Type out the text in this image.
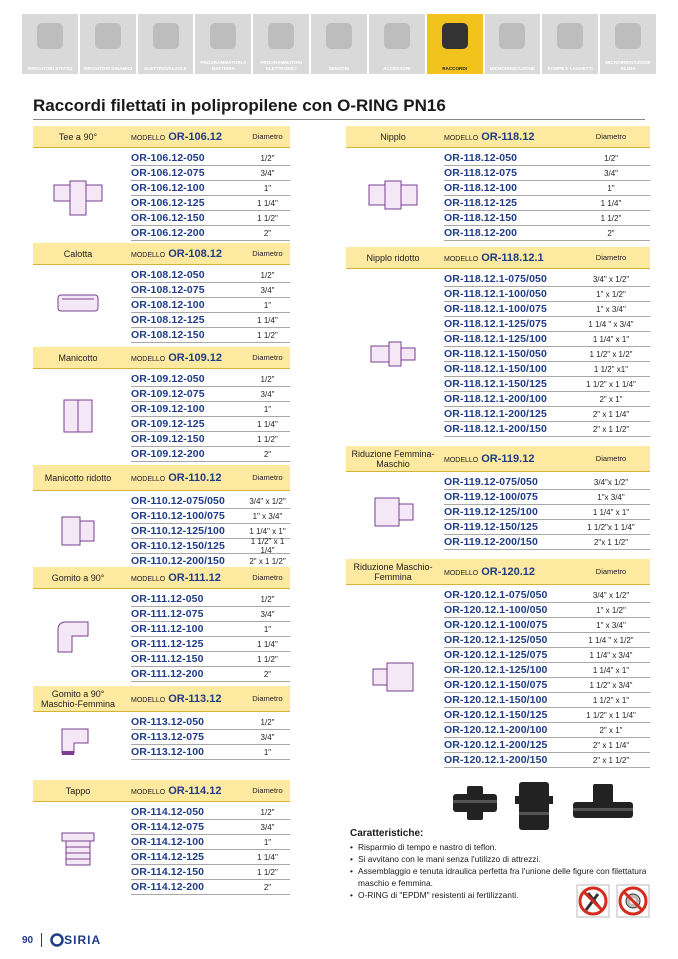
IRRIGATORI STATICI	IRRIGATORI DINAMICI	ELETTROVALVOLE
PROGRAMMATORI A BATTERIA
PROGRAMMATORI ELETTRONICI	SENSORI	ACCESSORI	RACCORDI	MICROIRRIGAZIONE	POMPE E LAGHETTI
MICROIRRIGAZIONE KLIZIA
Raccordi filettati in polipropilene con O-RING PN16
Tee a 90°	MODELLO OR-106.12	Diametro
OR-106.12-050	1/2"
OR-106.12-075	3/4"
OR-106.12-100	1"
OR-106.12-125	1 1/4"
OR-106.12-150	1 1/2"
OR-106.12-200	2"
Calotta	MODELLO OR-108.12	Diametro
OR-108.12-050	1/2"
OR-108.12-075	3/4"
OR-108.12-100	1"
OR-108.12-125	1 1/4"
OR-108.12-150	1 1/2"
Manicotto	MODELLO OR-109.12	Diametro
OR-109.12-050	1/2"
OR-109.12-075	3/4"
OR-109.12-100	1"
OR-109.12-125	1 1/4"
OR-109.12-150	1 1/2"
OR-109.12-200	2"
Manicotto ridotto	MODELLO OR-110.12	Diametro
OR-110.12-075/050	3/4" x 1/2"
OR-110.12-100/075	1" x 3/4"
OR-110.12-125/100	1 1/4" x 1"
OR-110.12-150/125	1 1/2" x 1 1/4"
OR-110.12-200/150	2" x 1 1/2"
Gomito a 90°	MODELLO OR-111.12	Diametro
OR-111.12-050	1/2"
OR-111.12-075	3/4"
OR-111.12-100	1"
OR-111.12-125	1 1/4"
OR-111.12-150	1 1/2"
OR-111.12-200	2"
Gomito a 90° Maschio-Femmina	MODELLO OR-113.12	Diametro
OR-113.12-050	1/2"
OR-113.12-075	3/4"
OR-113.12-100	1"
Tappo	MODELLO OR-114.12	Diametro
OR-114.12-050	1/2"
OR-114.12-075	3/4"
OR-114.12-100	1"
OR-114.12-125	1 1/4"
OR-114.12-150	1 1/2"
OR-114.12-200	2"
Nipplo	MODELLO OR-118.12	Diametro
OR-118.12-050	1/2"
OR-118.12-075	3/4"
OR-118.12-100	1"
OR-118.12-125	1 1/4"
OR-118.12-150	1 1/2"
OR-118.12-200	2"
Nipplo ridotto	MODELLO OR-118.12.1	Diametro
OR-118.12.1-075/050	3/4" x 1/2"
OR-118.12.1-100/050	1" x 1/2"
OR-118.12.1-100/075	1" x 3/4"
OR-118.12.1-125/075	1 1/4 " x 3/4"
OR-118.12.1-125/100	1 1/4" x 1"
OR-118.12.1-150/050	1 1/2" x 1/2"
OR-118.12.1-150/100	1 1/2" x1"
OR-118.12.1-150/125	1 1/2" x 1 1/4"
OR-118.12.1-200/100	2" x 1"
OR-118.12.1-200/125	2" x 1 1/4"
OR-118.12.1-200/150	2" x 1 1/2"
Riduzione Femmina-Maschio	MODELLO OR-119.12	Diametro
OR-119.12-075/050	3/4"x 1/2"
OR-119.12-100/075	1"x 3/4"
OR-119.12-125/100	1 1/4" x 1"
OR-119.12-150/125	1 1/2"x 1 1/4"
OR-119.12-200/150	2"x 1 1/2"
Riduzione Maschio-Femmina	MODELLO OR-120.12	Diametro
OR-120.12.1-075/050	3/4" x 1/2"
OR-120.12.1-100/050	1" x 1/2"
OR-120.12.1-100/075	1" x 3/4"
OR-120.12.1-125/050	1 1/4 " x 1/2"
OR-120.12.1-125/075	1 1/4" x 3/4"
OR-120.12.1-125/100	1 1/4" x 1"
OR-120.12.1-150/075	1 1/2" x 3/4"
OR-120.12.1-150/100	1 1/2" x 1"
OR-120.12.1-150/125	1 1/2" x 1 1/4"
OR-120.12.1-200/100	2" x 1"
OR-120.12.1-200/125	2" x 1 1/4"
OR-120.12.1-200/150	2" x 1 1/2"
Caratteristiche:
• Risparmio di tempo e nastro di teflon.
• Si avvitano con le mani senza l'utilizzo di attrezzi.
• Assemblaggio e tenuta idraulica perfetta fra l'unione delle figure con filettatura maschio e femmina.
• O-RING di "EPDM" resistenti ai fertilizzanti.
90	SIRIA
